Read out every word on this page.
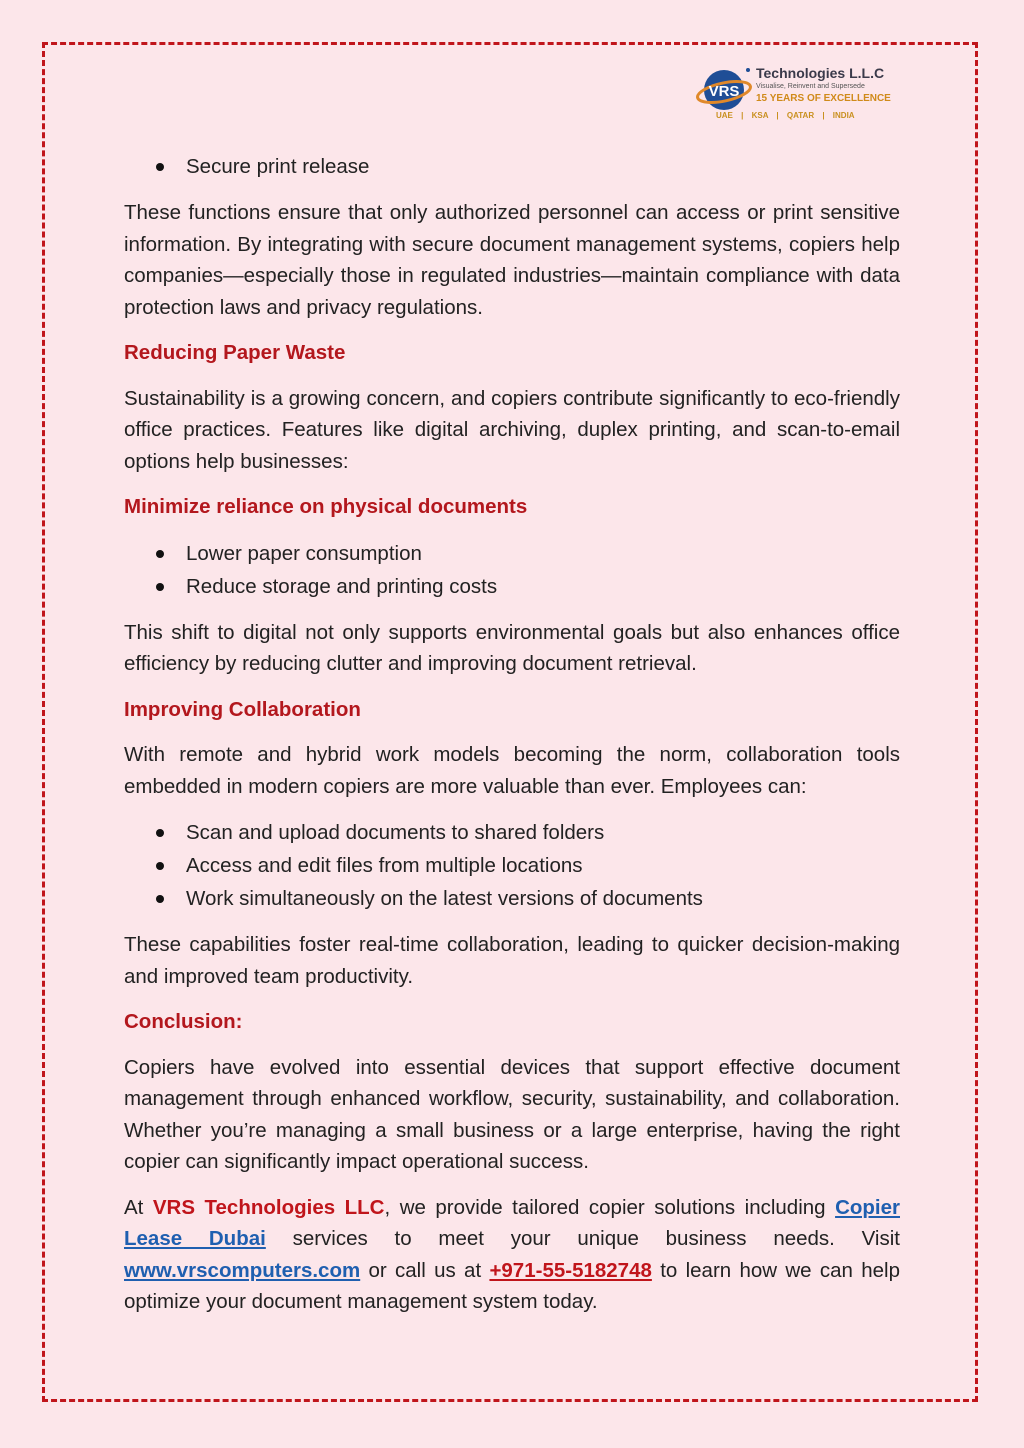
VRS
Technologies L.L.C
Visualise, Reinvent and Supersede
15 YEARS OF EXCELLENCE
UAE | KSA | QATAR | INDIA
Secure print release

These functions ensure that only authorized personnel can access or print sensitive information. By integrating with secure document management systems, copiers help companies—especially those in regulated industries—maintain compliance with data protection laws and privacy regulations.

Reducing Paper Waste

Sustainability is a growing concern, and copiers contribute significantly to eco-friendly office practices. Features like digital archiving, duplex printing, and scan-to-email options help businesses:

Minimize reliance on physical documents
Lower paper consumption
Reduce storage and printing costs

This shift to digital not only supports environmental goals but also enhances office efficiency by reducing clutter and improving document retrieval.

Improving Collaboration

With remote and hybrid work models becoming the norm, collaboration tools embedded in modern copiers are more valuable than ever. Employees can:

Scan and upload documents to shared folders
Access and edit files from multiple locations
Work simultaneously on the latest versions of documents

These capabilities foster real-time collaboration, leading to quicker decision-making and improved team productivity.

Conclusion:

Copiers have evolved into essential devices that support effective document management through enhanced workflow, security, sustainability, and collaboration. Whether you’re managing a small business or a large enterprise, having the right copier can significantly impact operational success.

At VRS Technologies LLC, we provide tailored copier solutions including Copier Lease Dubai services to meet your unique business needs. Visit www.vrscomputers.com or call us at +971-55-5182748 to learn how we can help optimize your document management system today.
